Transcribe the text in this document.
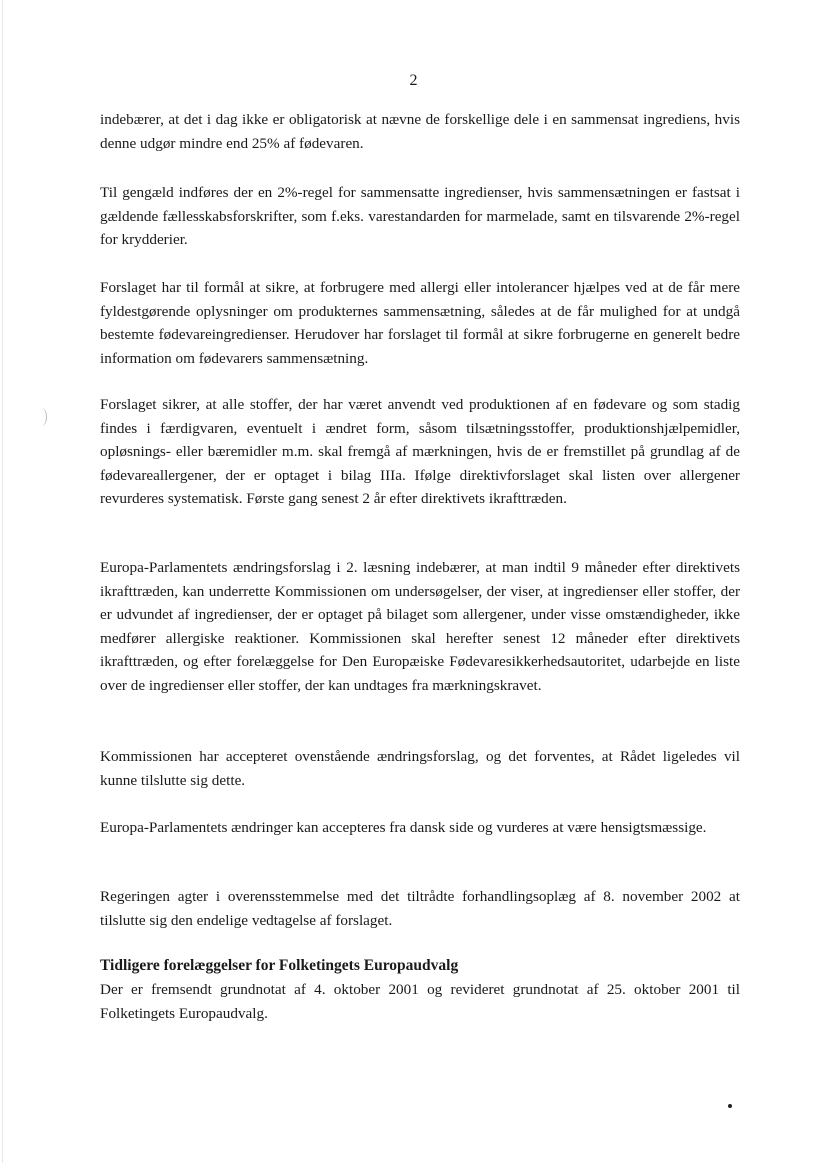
2

indebærer, at det i dag ikke er obligatorisk at nævne de forskellige dele i en sammensat ingrediens, hvis denne udgør mindre end 25% af fødevaren.

Til gengæld indføres der en 2%-regel for sammensatte ingredienser, hvis sammensætningen er fastsat i gældende fællesskabsforskrifter, som f.eks. varestandarden for marmelade, samt en tilsvarende 2%-regel for krydderier.

Forslaget har til formål at sikre, at forbrugere med allergi eller intolerancer hjælpes ved at de får mere fyldestgørende oplysninger om produkternes sammensætning, således at de får mulighed for at undgå bestemte fødevareingredienser. Herudover har forslaget til formål at sikre forbrugerne en generelt bedre information om fødevarers sammensætning.

Forslaget sikrer, at alle stoffer, der har været anvendt ved produktionen af en fødevare og som stadig findes i færdigvaren, eventuelt i ændret form, såsom tilsætningsstoffer, produktionshjælpemidler, opløsnings- eller bæremidler m.m. skal fremgå af mærkningen, hvis de er fremstillet på grundlag af de fødevareallergener, der er optaget i bilag IIIa. Ifølge direktivforslaget skal listen over allergener revurderes systematisk. Første gang senest 2 år efter direktivets ikrafttræden.

Europa-Parlamentets ændringsforslag i 2. læsning indebærer, at man indtil 9 måneder efter direktivets ikrafttræden, kan underrette Kommissionen om undersøgelser, der viser, at ingredienser eller stoffer, der er udvundet af ingredienser, der er optaget på bilaget som allergener, under visse omstændigheder, ikke medfører allergiske reaktioner. Kommissionen skal herefter senest 12 måneder efter direktivets ikrafttræden, og efter forelæggelse for Den Europæiske Fødevaresikkerhedsautoritet, udarbejde en liste over de ingredienser eller stoffer, der kan undtages fra mærkningskravet.

Kommissionen har accepteret ovenstående ændringsforslag, og det forventes, at Rådet ligeledes vil kunne tilslutte sig dette.

Europa-Parlamentets ændringer kan accepteres fra dansk side og vurderes at være hensigtsmæssige.

Regeringen agter i overensstemmelse med det tiltrådte forhandlingsoplæg af 8. november 2002 at tilslutte sig den endelige vedtagelse af forslaget.

Tidligere forelæggelser for Folketingets Europaudvalg

Der er fremsendt grundnotat af 4. oktober 2001 og revideret grundnotat af 25. oktober 2001 til Folketingets Europaudvalg.
